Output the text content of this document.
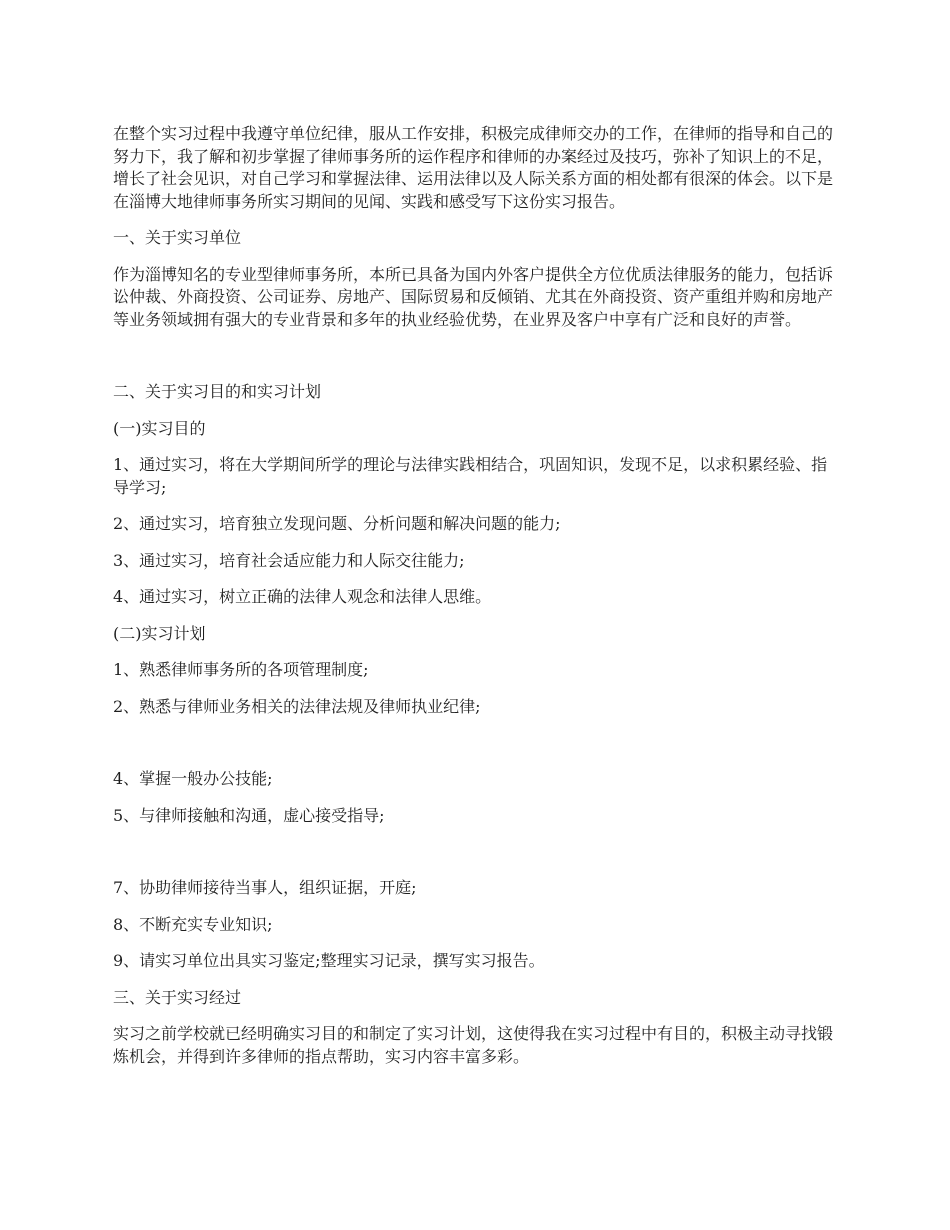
在整个实习过程中我遵守单位纪律，服从工作安排，积极完成律师交办的工作，在律师的指导和自己的努力下，我了解和初步掌握了律师事务所的运作程序和律师的办案经过及技巧，弥补了知识上的不足，增长了社会见识，对自己学习和掌握法律、运用法律以及人际关系方面的相处都有很深的体会。以下是在淄博大地律师事务所实习期间的见闻、实践和感受写下这份实习报告。

一、关于实习单位

作为淄博知名的专业型律师事务所，本所已具备为国内外客户提供全方位优质法律服务的能力，包括诉讼仲裁、外商投资、公司证券、房地产、国际贸易和反倾销、尤其在外商投资、资产重组并购和房地产等业务领域拥有强大的专业背景和多年的执业经验优势，在业界及客户中享有广泛和良好的声誉。

二、关于实习目的和实习计划

(一)实习目的

1、通过实习，将在大学期间所学的理论与法律实践相结合，巩固知识，发现不足，以求积累经验、指导学习;

2、通过实习，培育独立发现问题、分析问题和解决问题的能力;

3、通过实习，培育社会适应能力和人际交往能力;

4、通过实习，树立正确的法律人观念和法律人思维。

(二)实习计划

1、熟悉律师事务所的各项管理制度;

2、熟悉与律师业务相关的法律法规及律师执业纪律;

4、掌握一般办公技能;

5、与律师接触和沟通，虚心接受指导;

7、协助律师接待当事人，组织证据，开庭;

8、不断充实专业知识;

9、请实习单位出具实习鉴定;整理实习记录，撰写实习报告。

三、关于实习经过

实习之前学校就已经明确实习目的和制定了实习计划，这使得我在实习过程中有目的，积极主动寻找锻炼机会，并得到许多律师的指点帮助，实习内容丰富多彩。
